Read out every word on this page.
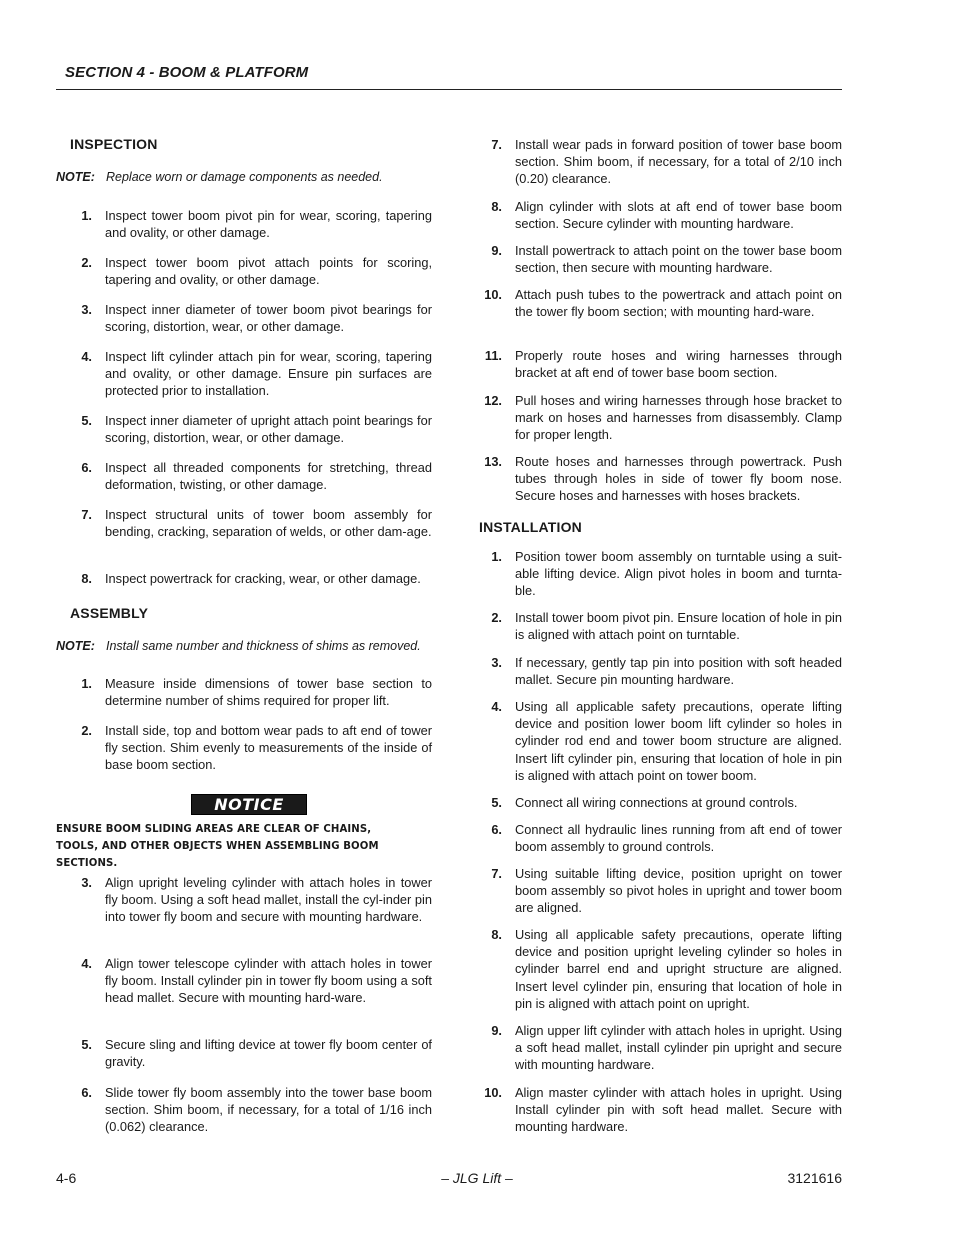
SECTION 4 - BOOM & PLATFORM
INSPECTION
NOTE: Replace worn or damage components as needed.
1. Inspect tower boom pivot pin for wear, scoring, tapering and ovality, or other damage.
2. Inspect tower boom pivot attach points for scoring, tapering and ovality, or other damage.
3. Inspect inner diameter of tower boom pivot bearings for scoring, distortion, wear, or other damage.
4. Inspect lift cylinder attach pin for wear, scoring, tapering and ovality, or other damage. Ensure pin surfaces are protected prior to installation.
5. Inspect inner diameter of upright attach point bearings for scoring, distortion, wear, or other damage.
6. Inspect all threaded components for stretching, thread deformation, twisting, or other damage.
7. Inspect structural units of tower boom assembly for bending, cracking, separation of welds, or other dam-age.
8. Inspect powertrack for cracking, wear, or other damage.
ASSEMBLY
NOTE: Install same number and thickness of shims as removed.
1. Measure inside dimensions of tower base section to determine number of shims required for proper lift.
2. Install side, top and bottom wear pads to aft end of tower fly section. Shim evenly to measurements of the inside of base boom section.
NOTICE
ENSURE BOOM SLIDING AREAS ARE CLEAR OF CHAINS, TOOLS, AND OTHER OBJECTS WHEN ASSEMBLING BOOM SECTIONS.
3. Align upright leveling cylinder with attach holes in tower fly boom. Using a soft head mallet, install the cyl-inder pin into tower fly boom and secure with mounting hardware.
4. Align tower telescope cylinder with attach holes in tower fly boom. Install cylinder pin in tower fly boom using a soft head mallet. Secure with mounting hard-ware.
5. Secure sling and lifting device at tower fly boom center of gravity.
6. Slide tower fly boom assembly into the tower base boom section. Shim boom, if necessary, for a total of 1/16 inch (0.062) clearance.
7. Install wear pads in forward position of tower base boom section. Shim boom, if necessary, for a total of 2/10 inch (0.20) clearance.
8. Align cylinder with slots at aft end of tower base boom section. Secure cylinder with mounting hardware.
9. Install powertrack to attach point on the tower base boom section, then secure with mounting hardware.
10. Attach push tubes to the powertrack and attach point on the tower fly boom section; with mounting hard-ware.
11. Properly route hoses and wiring harnesses through bracket at aft end of tower base boom section.
12. Pull hoses and wiring harnesses through hose bracket to mark on hoses and harnesses from disassembly. Clamp for proper length.
13. Route hoses and harnesses through powertrack. Push tubes through holes in side of tower fly boom nose. Secure hoses and harnesses with hoses brackets.
INSTALLATION
1. Position tower boom assembly on turntable using a suit-able lifting device. Align pivot holes in boom and turnta-ble.
2. Install tower boom pivot pin. Ensure location of hole in pin is aligned with attach point on turntable.
3. If necessary, gently tap pin into position with soft headed mallet. Secure pin mounting hardware.
4. Using all applicable safety precautions, operate lifting device and position lower boom lift cylinder so holes in cylinder rod end and tower boom structure are aligned. Insert lift cylinder pin, ensuring that location of hole in pin is aligned with attach point on tower boom.
5. Connect all wiring connections at ground controls.
6. Connect all hydraulic lines running from aft end of tower boom assembly to ground controls.
7. Using suitable lifting device, position upright on tower boom assembly so pivot holes in upright and tower boom are aligned.
8. Using all applicable safety precautions, operate lifting device and position upright leveling cylinder so holes in cylinder barrel end and upright structure are aligned. Insert level cylinder pin, ensuring that location of hole in pin is aligned with attach point on upright.
9. Align upper lift cylinder with attach holes in upright. Using a soft head mallet, install cylinder pin upright and secure with mounting hardware.
10. Align master cylinder with attach holes in upright. Using Install cylinder pin with soft head mallet. Secure with mounting hardware.
4-6	– JLG Lift –	3121616
